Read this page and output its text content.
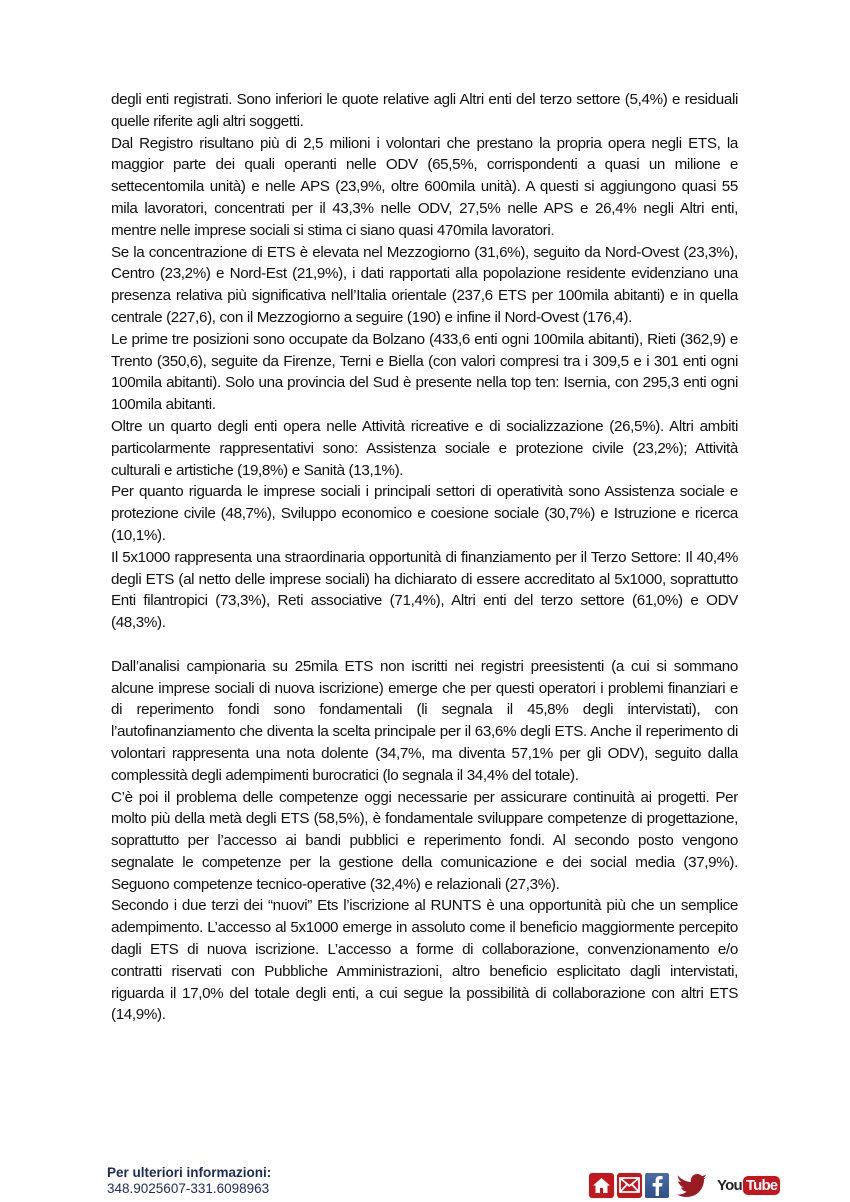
degli enti registrati. Sono inferiori le quote relative agli Altri enti del terzo settore (5,4%) e residuali quelle riferite agli altri soggetti.

Dal Registro risultano più di 2,5 milioni i volontari che prestano la propria opera negli ETS, la maggior parte dei quali operanti nelle ODV (65,5%, corrispondenti a quasi un milione e settecentomila unità) e nelle APS (23,9%, oltre 600mila unità). A questi si aggiungono quasi 55 mila lavoratori, concentrati per il 43,3% nelle ODV, 27,5% nelle APS e 26,4% negli Altri enti, mentre nelle imprese sociali si stima ci siano quasi 470mila lavoratori.

Se la concentrazione di ETS è elevata nel Mezzogiorno (31,6%), seguito da Nord-Ovest (23,3%), Centro (23,2%) e Nord-Est (21,9%), i dati rapportati alla popolazione residente evidenziano una presenza relativa più significativa nell’Italia orientale (237,6 ETS per 100mila abitanti) e in quella centrale (227,6), con il Mezzogiorno a seguire (190) e infine il Nord-Ovest (176,4).

Le prime tre posizioni sono occupate da Bolzano (433,6 enti ogni 100mila abitanti), Rieti (362,9) e Trento (350,6), seguite da Firenze, Terni e Biella (con valori compresi tra i 309,5 e i 301 enti ogni 100mila abitanti). Solo una provincia del Sud è presente nella top ten: Isernia, con 295,3 enti ogni 100mila abitanti.

Oltre un quarto degli enti opera nelle Attività ricreative e di socializzazione (26,5%). Altri ambiti particolarmente rappresentativi sono: Assistenza sociale e protezione civile (23,2%); Attività culturali e artistiche (19,8%) e Sanità (13,1%).

Per quanto riguarda le imprese sociali i principali settori di operatività sono Assistenza sociale e protezione civile (48,7%), Sviluppo economico e coesione sociale (30,7%) e Istruzione e ricerca (10,1%).

Il 5x1000 rappresenta una straordinaria opportunità di finanziamento per il Terzo Settore: Il 40,4% degli ETS (al netto delle imprese sociali) ha dichiarato di essere accreditato al 5x1000, soprattutto Enti filantropici (73,3%), Reti associative (71,4%), Altri enti del terzo settore (61,0%) e ODV (48,3%).

Dall’analisi campionaria su 25mila ETS non iscritti nei registri preesistenti (a cui si sommano alcune imprese sociali di nuova iscrizione) emerge che per questi operatori i problemi finanziari e di reperimento fondi sono fondamentali (li segnala il 45,8% degli intervistati), con l’autofinanziamento che diventa la scelta principale per il 63,6% degli ETS. Anche il reperimento di volontari rappresenta una nota dolente (34,7%, ma diventa 57,1% per gli ODV), seguito dalla complessità degli adempimenti burocratici (lo segnala il 34,4% del totale).

C’è poi il problema delle competenze oggi necessarie per assicurare continuità ai progetti. Per molto più della metà degli ETS (58,5%), è fondamentale sviluppare competenze di progettazione, soprattutto per l’accesso ai bandi pubblici e reperimento fondi. Al secondo posto vengono segnalate le competenze per la gestione della comunicazione e dei social media (37,9%). Seguono competenze tecnico-operative (32,4%) e relazionali (27,3%).

Secondo i due terzi dei “nuovi” Ets l’iscrizione al RUNTS è una opportunità più che un semplice adempimento. L’accesso al 5x1000 emerge in assoluto come il beneficio maggiormente percepito dagli ETS di nuova iscrizione. L’accesso a forme di collaborazione, convenzionamento e/o contratti riservati con Pubbliche Amministrazioni, altro beneficio esplicitato dagli intervistati, riguarda il 17,0% del totale degli enti, a cui segue la possibilità di collaborazione con altri ETS (14,9%).

Per ulteriori informazioni:
348.9025607-331.6098963	You Tube
